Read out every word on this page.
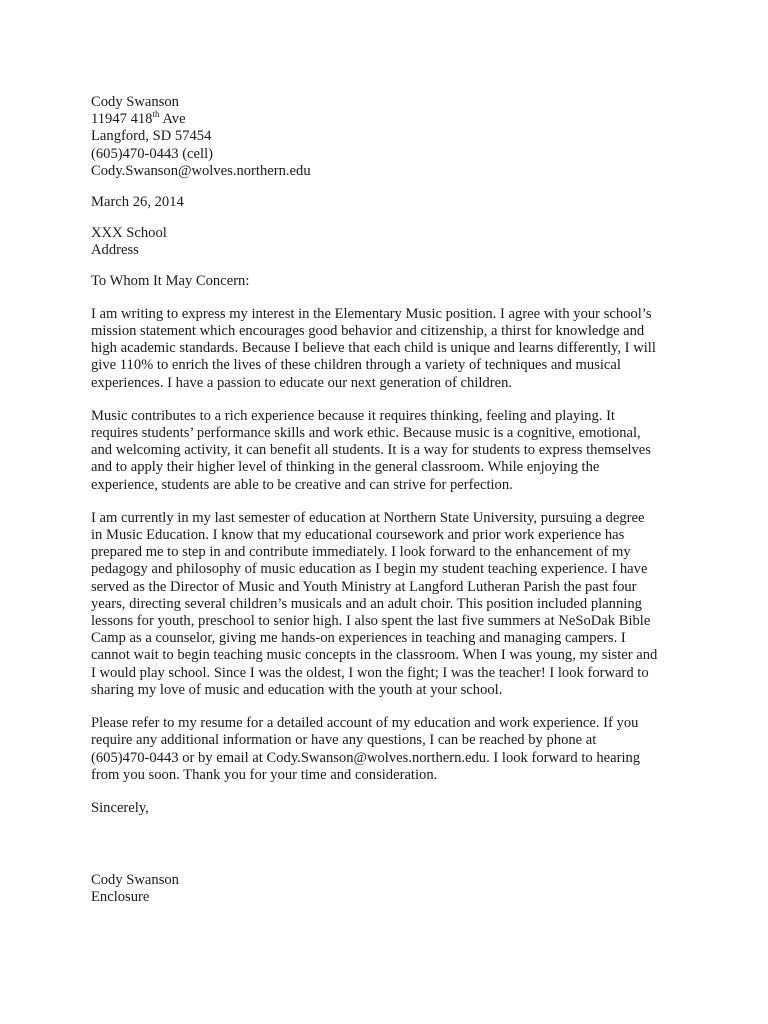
Cody Swanson
11947 418th Ave
Langford, SD 57454
(605)470-0443 (cell)
Cody.Swanson@wolves.northern.edu
March 26, 2014
XXX School
Address
To Whom It May Concern:

I am writing to express my interest in the Elementary Music position. I agree with your school’s
mission statement which encourages good behavior and citizenship, a thirst for knowledge and
high academic standards. Because I believe that each child is unique and learns differently, I will
give 110% to enrich the lives of these children through a variety of techniques and musical
experiences. I have a passion to educate our next generation of children.

Music contributes to a rich experience because it requires thinking, feeling and playing. It
requires students’ performance skills and work ethic. Because music is a cognitive, emotional,
and welcoming activity, it can benefit all students. It is a way for students to express themselves
and to apply their higher level of thinking in the general classroom. While enjoying the
experience, students are able to be creative and can strive for perfection.

I am currently in my last semester of education at Northern State University, pursuing a degree
in Music Education. I know that my educational coursework and prior work experience has
prepared me to step in and contribute immediately. I look forward to the enhancement of my
pedagogy and philosophy of music education as I begin my student teaching experience. I have
served as the Director of Music and Youth Ministry at Langford Lutheran Parish the past four
years, directing several children’s musicals and an adult choir. This position included planning
lessons for youth, preschool to senior high. I also spent the last five summers at NeSoDak Bible
Camp as a counselor, giving me hands-on experiences in teaching and managing campers. I
cannot wait to begin teaching music concepts in the classroom. When I was young, my sister and
I would play school. Since I was the oldest, I won the fight; I was the teacher! I look forward to
sharing my love of music and education with the youth at your school.

Please refer to my resume for a detailed account of my education and work experience. If you
require any additional information or have any questions, I can be reached by phone at
(605)470-0443 or by email at Cody.Swanson@wolves.northern.edu. I look forward to hearing
from you soon. Thank you for your time and consideration.

Sincerely,
Cody Swanson
Enclosure
